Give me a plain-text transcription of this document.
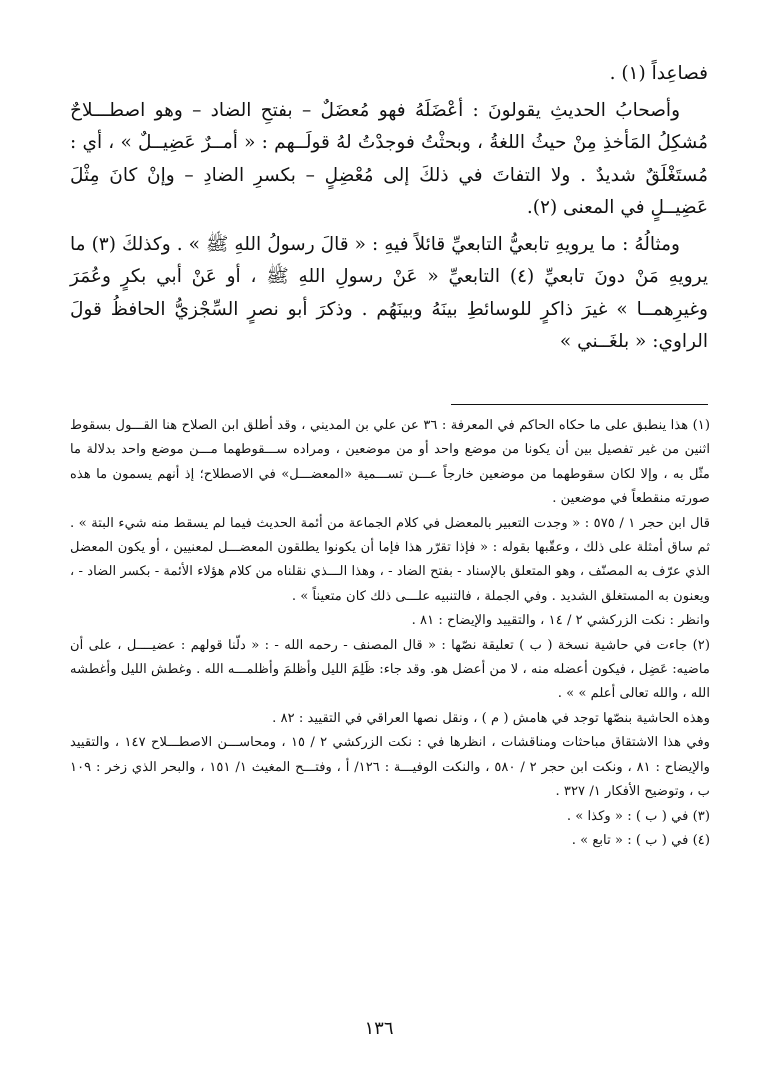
فصاعِداً (١) .

وأصحابُ الحديثِ يقولونَ : أعْضَلَهُ فهو مُعضَلٌ – بفتحِ الضاد – وهو اصطـــلاحٌ مُشكِلُ المَأخذِ مِنْ حيثُ اللغةُ ، وبحثْتُ فوجدْتُ لهُ قولَــهم : « أمــرٌ عَضِيــلٌ » ، أي : مُستَغْلَقٌ شديدٌ . ولا التفاتَ في ذلكَ إلى مُعْضِلٍ – بكسرِ الضادِ – وإنْ كانَ مِثْلَ عَضِيــلٍ في المعنى (٢).

ومثالُهُ : ما يرويهِ تابعيُّ التابعيِّ قائلاً فيهِ : « قالَ رسولُ اللهِ ﷺ » . وكذلكَ (٣) ما يرويهِ مَنْ دونَ تابعيِّ (٤) التابعيِّ « عَنْ رسولِ اللهِ ﷺ ، أو عَنْ أبي بكرٍ وعُمَرَ وغيرِهمــا » غيرَ ذاكرٍ للوسائطِ بينَهُ وبينَهُم . وذكرَ أبو نصرٍ السِّجْزيُّ الحافظُ قولَ الراوي: « بلغَــني »

(١) هذا ينطبق على ما حكاه الحاكم في المعرفة : ٣٦ عن علي بن المديني ، وقد أطلق ابن الصلاح هنا القـــول بسقوط اثنين من غير تفصيل بين أن يكونا من موضع واحد أو من موضعين ، ومراده ســـقوطهما مـــن موضع واحد بدلالة ما مثّل به ، وإلا لكان سقوطهما من موضعين خارجاً عـــن تســـمية «المعضـــل» في الاصطلاح؛ إذ أنهم يسمون ما هذه صورته منقطعاً في موضعين .

قال ابن حجر ١ / ٥٧٥ : « وجدت التعبير بالمعضل في كلام الجماعة من أئمة الحديث فيما لم يسقط منه شيء البتة » . ثم ساق أمثلة على ذلك ، وعقّبها بقوله : « فإذا تقرّر هذا فإما أن يكونوا يطلقون المعضـــل لمعنيين ، أو يكون المعضل الذي عرّف به المصنّف ، وهو المتعلق بالإسناد - بفتح الضاد - ، وهذا الـــذي نقلناه من كلام هؤلاء الأئمة - بكسر الضاد - ، ويعنون به المستغلق الشديد . وفي الجملة ، فالتنبيه علـــى ذلك كان متعيناً » .

وانظر : نكت الزركشي ٢ / ١٤ ، والتقييد والإيضاح : ٨١ .

(٢) جاءت في حاشية نسخة ( ب ) تعليقة نصّها : « قال المصنف - رحمه الله - : « دلّنا قولهم : عضيــــل ، على أن ماضيه: عَضِل ، فيكون أعضله منه ، لا من أعضل هو. وقد جاء: ظَلِمَ الليل وأظلمَ وأظلمـــه الله . وغطش الليل وأغطشه الله ، والله تعالى أعلم » » .

وهذه الحاشية بنصّها توجد في هامش ( م ) ، ونقل نصها العراقي في التقييد : ٨٢ .

وفي هذا الاشتقاق مباحثات ومناقشات ، انظرها في : نكت الزركشي ٢ / ١٥ ، ومحاســـن الاصطـــلاح ١٤٧ ، والتقييد والإيضاح : ٨١ ، ونكت ابن حجر ٢ / ٥٨٠ ، والنكت الوفيـــة : ١٢٦/ أ ، وفتـــح المغيث ١/ ١٥١ ، والبحر الذي زخر : ١٠٩ ب ، وتوضيح الأفكار ١/ ٣٢٧ .

(٣) في ( ب ) : « وكذا » .

(٤) في ( ب ) : « تابع » .

١٣٦
